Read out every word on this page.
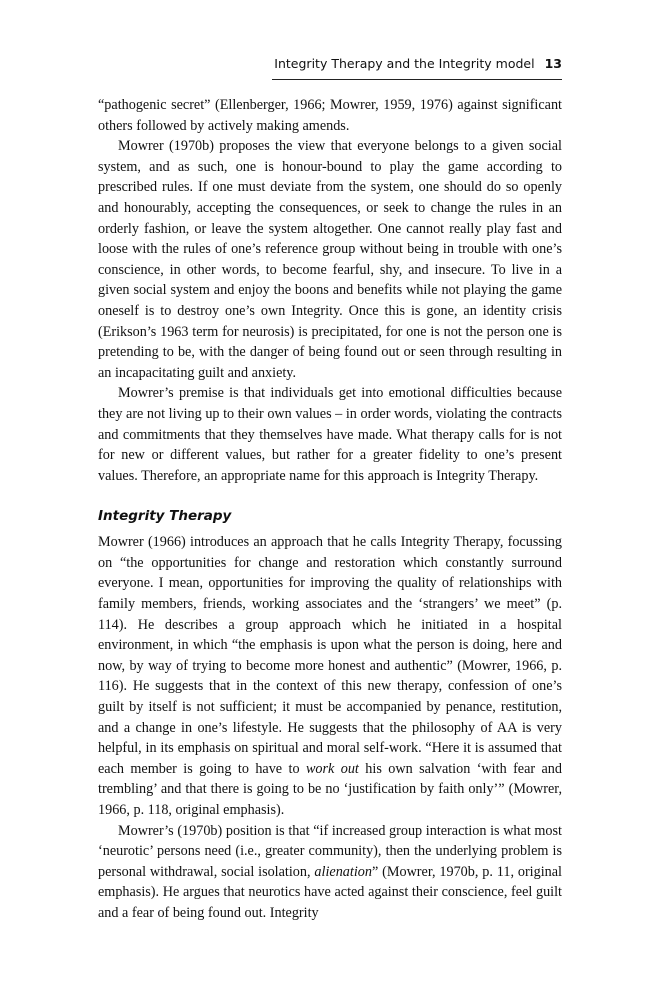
Integrity Therapy and the Integrity model 13

“pathogenic secret” (Ellenberger, 1966; Mowrer, 1959, 1976) against significant others followed by actively making amends.

Mowrer (1970b) proposes the view that everyone belongs to a given social system, and as such, one is honour-bound to play the game according to prescribed rules. If one must deviate from the system, one should do so openly and honourably, accepting the consequences, or seek to change the rules in an orderly fashion, or leave the system altogether. One cannot really play fast and loose with the rules of one’s reference group without being in trouble with one’s conscience, in other words, to become fearful, shy, and insecure. To live in a given social system and enjoy the boons and benefits while not playing the game oneself is to destroy one’s own Integrity. Once this is gone, an identity crisis (Erikson’s 1963 term for neurosis) is precipitated, for one is not the person one is pretending to be, with the danger of being found out or seen through resulting in an incapacitating guilt and anxiety.

Mowrer’s premise is that individuals get into emotional difficulties because they are not living up to their own values – in order words, violating the contracts and commitments that they themselves have made. What therapy calls for is not for new or different values, but rather for a greater fidelity to one’s present values. Therefore, an appropriate name for this approach is Integrity Therapy.

Integrity Therapy

Mowrer (1966) introduces an approach that he calls Integrity Therapy, focussing on “the opportunities for change and restoration which constantly surround everyone. I mean, opportunities for improving the quality of relationships with family members, friends, working associates and the ‘strangers’ we meet” (p. 114). He describes a group approach which he initiated in a hospital environment, in which “the emphasis is upon what the person is doing, here and now, by way of trying to become more honest and authentic” (Mowrer, 1966, p. 116). He suggests that in the context of this new therapy, confession of one’s guilt by itself is not sufficient; it must be accompanied by penance, restitution, and a change in one’s lifestyle. He suggests that the philosophy of AA is very helpful, in its emphasis on spiritual and moral self-work. “Here it is assumed that each member is going to have to work out his own salvation ‘with fear and trembling’ and that there is going to be no ‘justification by faith only’” (Mowrer, 1966, p. 118, original emphasis).

Mowrer’s (1970b) position is that “if increased group interaction is what most ‘neurotic’ persons need (i.e., greater community), then the underlying problem is personal withdrawal, social isolation, alienation” (Mowrer, 1970b, p. 11, original emphasis). He argues that neurotics have acted against their conscience, feel guilt and a fear of being found out. Integrity
